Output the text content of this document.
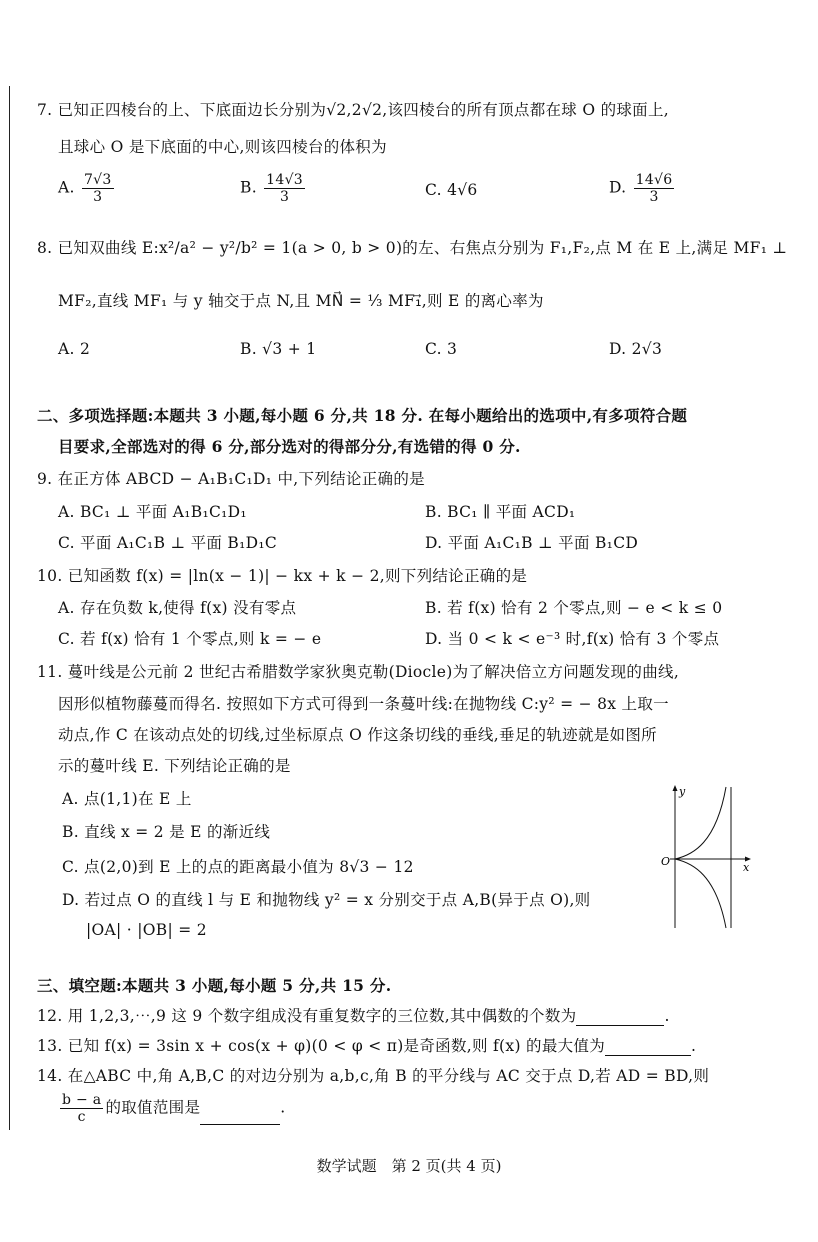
7. 已知正四棱台的上、下底面边长分别为√2,2√2,该四棱台的所有顶点都在球 O 的球面上,
且球心 O 是下底面的中心,则该四棱台的体积为
A. $\frac{7√3}{3}$	B. $\frac{14√3}{3}$	C. 4√6	D. $\frac{14√6}{3}$
8. 已知双曲线 E:x²/a² − y²/b² = 1(a > 0, b > 0)的左、右焦点分别为 F₁,F₂,点 M 在 E 上,满足 MF₁ ⊥
MF₂,直线 MF₁ 与 y 轴交于点 N,且 MN⃗ = ⅓ MF₁⃗,则 E 的离心率为
A. 2	B. √3 + 1	C. 3	D. 2√3
二、多项选择题:本题共 3 小题,每小题 6 分,共 18 分. 在每小题给出的选项中,有多项符合题
目要求,全部选对的得 6 分,部分选对的得部分分,有选错的得 0 分.
9. 在正方体 ABCD − A₁B₁C₁D₁ 中,下列结论正确的是
A. BC₁ ⊥ 平面 A₁B₁C₁D₁	B. BC₁ ∥ 平面 ACD₁
C. 平面 A₁C₁B ⊥ 平面 B₁D₁C	D. 平面 A₁C₁B ⊥ 平面 B₁CD
10. 已知函数 f(x) = |ln(x − 1)| − kx + k − 2,则下列结论正确的是
A. 存在负数 k,使得 f(x) 没有零点	B. 若 f(x) 恰有 2 个零点,则 − e < k ≤ 0
C. 若 f(x) 恰有 1 个零点,则 k = − e	D. 当 0 < k < e⁻³ 时,f(x) 恰有 3 个零点
11. 蔓叶线是公元前 2 世纪古希腊数学家狄奥克勒(Diocle)为了解决倍立方问题发现的曲线,
因形似植物藤蔓而得名. 按照如下方式可得到一条蔓叶线:在抛物线 C:y² = − 8x 上取一
动点,作 C 在该动点处的切线,过坐标原点 O 作这条切线的垂线,垂足的轨迹就是如图所
示的蔓叶线 E. 下列结论正确的是
A. 点(1,1)在 E 上
B. 直线 x = 2 是 E 的渐近线
C. 点(2,0)到 E 上的点的距离最小值为 8√3 − 12
D. 若过点 O 的直线 l 与 E 和抛物线 y² = x 分别交于点 A,B(异于点 O),则
|OA| · |OB| = 2
y
O	x
三、填空题:本题共 3 小题,每小题 5 分,共 15 分.
12. 用 1,2,3,⋯,9 这 9 个数字组成没有重复数字的三位数,其中偶数的个数为	.
13. 已知 f(x) = 3sin x + cos(x + φ)(0 < φ < π)是奇函数,则 f(x) 的最大值为	.
14. 在△ABC 中,角 A,B,C 的对边分别为 a,b,c,角 B 的平分线与 AC 交于点 D,若 AD = BD,则
$\frac{b - a}{c}$ 的取值范围是	.
数学试题　第 2 页(共 4 页)
